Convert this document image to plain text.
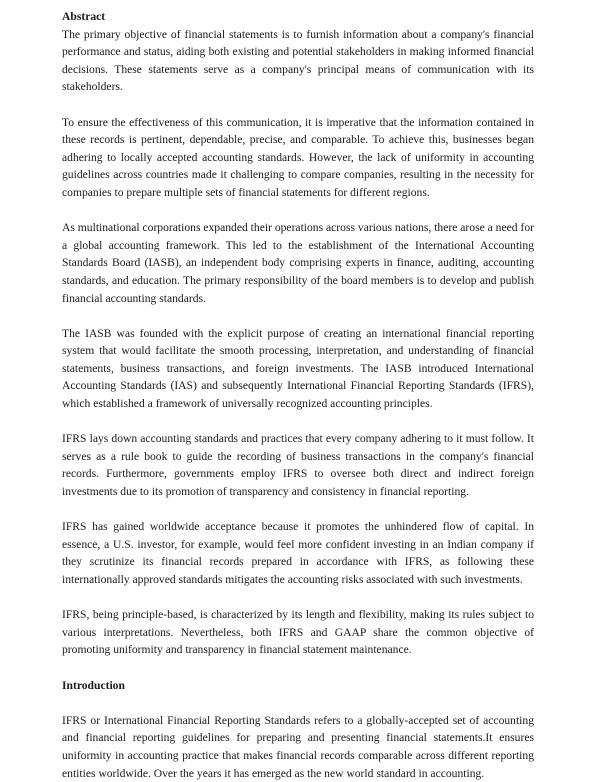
Abstract

The primary objective of financial statements is to furnish information about a company's financial performance and status, aiding both existing and potential stakeholders in making informed financial decisions. These statements serve as a company's principal means of communication with its stakeholders.

To ensure the effectiveness of this communication, it is imperative that the information contained in these records is pertinent, dependable, precise, and comparable. To achieve this, businesses began adhering to locally accepted accounting standards. However, the lack of uniformity in accounting guidelines across countries made it challenging to compare companies, resulting in the necessity for companies to prepare multiple sets of financial statements for different regions.

As multinational corporations expanded their operations across various nations, there arose a need for a global accounting framework. This led to the establishment of the International Accounting Standards Board (IASB), an independent body comprising experts in finance, auditing, accounting standards, and education. The primary responsibility of the board members is to develop and publish financial accounting standards.

The IASB was founded with the explicit purpose of creating an international financial reporting system that would facilitate the smooth processing, interpretation, and understanding of financial statements, business transactions, and foreign investments. The IASB introduced International Accounting Standards (IAS) and subsequently International Financial Reporting Standards (IFRS), which established a framework of universally recognized accounting principles.

IFRS lays down accounting standards and practices that every company adhering to it must follow. It serves as a rule book to guide the recording of business transactions in the company's financial records. Furthermore, governments employ IFRS to oversee both direct and indirect foreign investments due to its promotion of transparency and consistency in financial reporting.

IFRS has gained worldwide acceptance because it promotes the unhindered flow of capital. In essence, a U.S. investor, for example, would feel more confident investing in an Indian company if they scrutinize its financial records prepared in accordance with IFRS, as following these internationally approved standards mitigates the accounting risks associated with such investments.

IFRS, being principle-based, is characterized by its length and flexibility, making its rules subject to various interpretations. Nevertheless, both IFRS and GAAP share the common objective of promoting uniformity and transparency in financial statement maintenance.

Introduction

IFRS or International Financial Reporting Standards refers to a globally-accepted set of accounting and financial reporting guidelines for preparing and presenting financial statements.It ensures uniformity in accounting practice that makes financial records comparable across different reporting entities worldwide. Over the years it has emerged as the new world standard in accounting.
